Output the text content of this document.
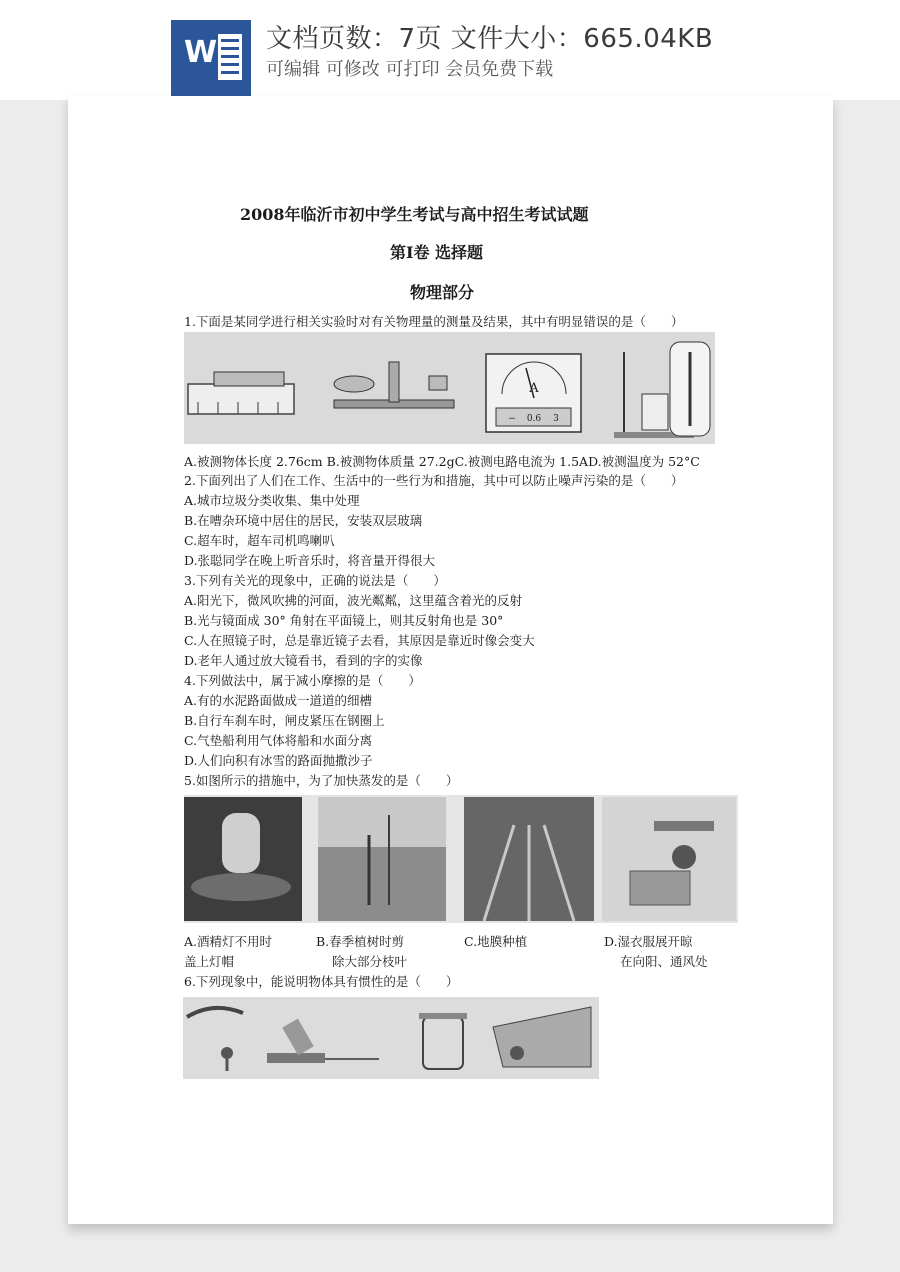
W 文档页数：7页 文件大小：665.04KB
可编辑 可修改 可打印 会员免费下载
2008年临沂市初中学生考试与高中招生考试试题
第Ⅰ卷 选择题
物理部分
1.下面是某同学进行相关实验时对有关物理量的测量及结果，其中有明显错误的是（　　）
A
− 0.6 3
A.被测物体长度 2.76cm B.被测物体质量 27.2gC.被测电路电流为 1.5AD.被测温度为 52°C
2.下面列出了人们在工作、生活中的一些行为和措施，其中可以防止噪声污染的是（　　）
A.城市垃圾分类收集、集中处理
B.在嘈杂环境中居住的居民，安装双层玻璃
C.超车时，超车司机鸣喇叭
D.张聪同学在晚上听音乐时，将音量开得很大
3.下列有关光的现象中，正确的说法是（　　）
A.阳光下，微风吹拂的河面，波光粼粼，这里蕴含着光的反射
B.光与镜面成 30° 角射在平面镜上，则其反射角也是 30°
C.人在照镜子时，总是靠近镜子去看，其原因是靠近时像会变大
D.老年人通过放大镜看书，看到的字的实像
4.下列做法中，属于减小摩擦的是（　　）
A.有的水泥路面做成一道道的细槽
B.自行车刹车时，闸皮紧压在钢圈上
C.气垫船利用气体将船和水面分离
D.人们向积有冰雪的路面抛撒沙子
5.如图所示的措施中，为了加快蒸发的是（　　）
A.酒精灯不用时
盖上灯帽
B.春季植树时剪
除大部分枝叶
C.地膜种植	D.湿衣服展开晾
在向阳、通风处
6.下列现象中，能说明物体具有惯性的是（　　）
